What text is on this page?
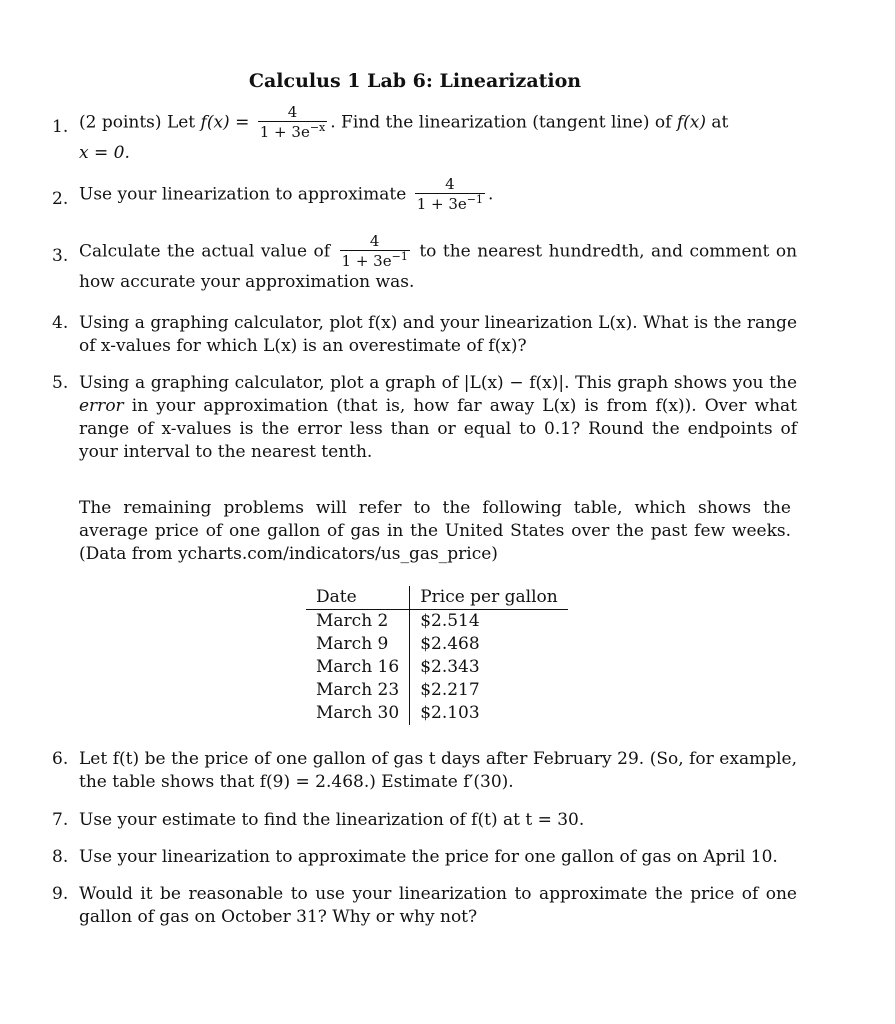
Calculus 1 Lab 6: Linearization
1. (2 points) Let $f(x) = \frac{4}{1 + 3e^{-x}}$ . Find the linearization (tangent line) of f(x) at
x = 0.
2. Use your linearization to approximate $\frac{4}{1 + 3e^{-1}}$ .
3. Calculate the actual value of $\frac{4}{1 + 3e^{-1}}$ to the nearest hundredth, and comment on how accurate your approximation was.
4. Using a graphing calculator, plot f(x) and your linearization L(x). What is the range of x-values for which L(x) is an overestimate of f(x)?
5. Using a graphing calculator, plot a graph of |L(x) − f(x)|. This graph shows you the error in your approximation (that is, how far away L(x) is from f(x)). Over what range of x-values is the error less than or equal to 0.1? Round the endpoints of your interval to the nearest tenth.
The remaining problems will refer to the following table, which shows the average price of one gallon of gas in the United States over the past few weeks. (Data from ycharts.com/indicators/us_gas_price)
Date	Price per gallon
March 2	$2.514
March 9	$2.468
March 16	$2.343
March 23	$2.217
March 30	$2.103
6. Let f(t) be the price of one gallon of gas t days after February 29. (So, for example, the table shows that f(9) = 2.468.) Estimate f′(30).
7. Use your estimate to find the linearization of f(t) at t = 30.
8. Use your linearization to approximate the price for one gallon of gas on April 10.
9. Would it be reasonable to use your linearization to approximate the price of one gallon of gas on October 31? Why or why not?
